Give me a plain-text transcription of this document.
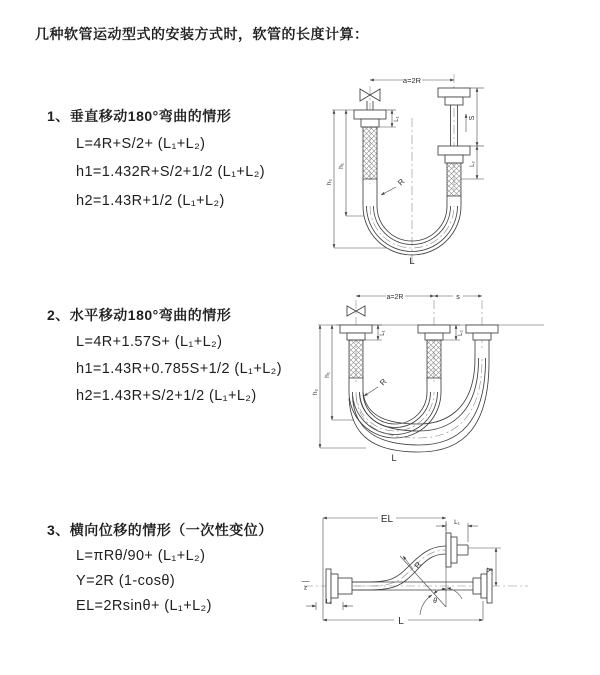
几种软管运动型式的安装方式时，软管的长度计算：
1、垂直移动180°弯曲的情形
L=4R+S/2+ (L₁+L₂)
h1=1.432R+S/2+1/2 (L₁+L₂)
h2=1.43R+1/2 (L₁+L₂)
2、水平移动180°弯曲的情形
L=4R+1.57S+ (L₁+L₂)
h1=1.43R+0.785S+1/2 (L₁+L₂)
h2=1.43R+S/2+1/2 (L₁+L₂)
3、横向位移的情形（一次性变位）
L=πRθ/90+ (L₁+L₂)
Y=2R (1-cosθ)
EL=2Rsinθ+ (L₁+L₂)
a=2R
h₁
h₂
L₁	S
L₂
R
L
a=2R	s
h₁
h₂
L₁	L₂
R
L
z
EL	L₁
θ
R	Y
L
L₂
